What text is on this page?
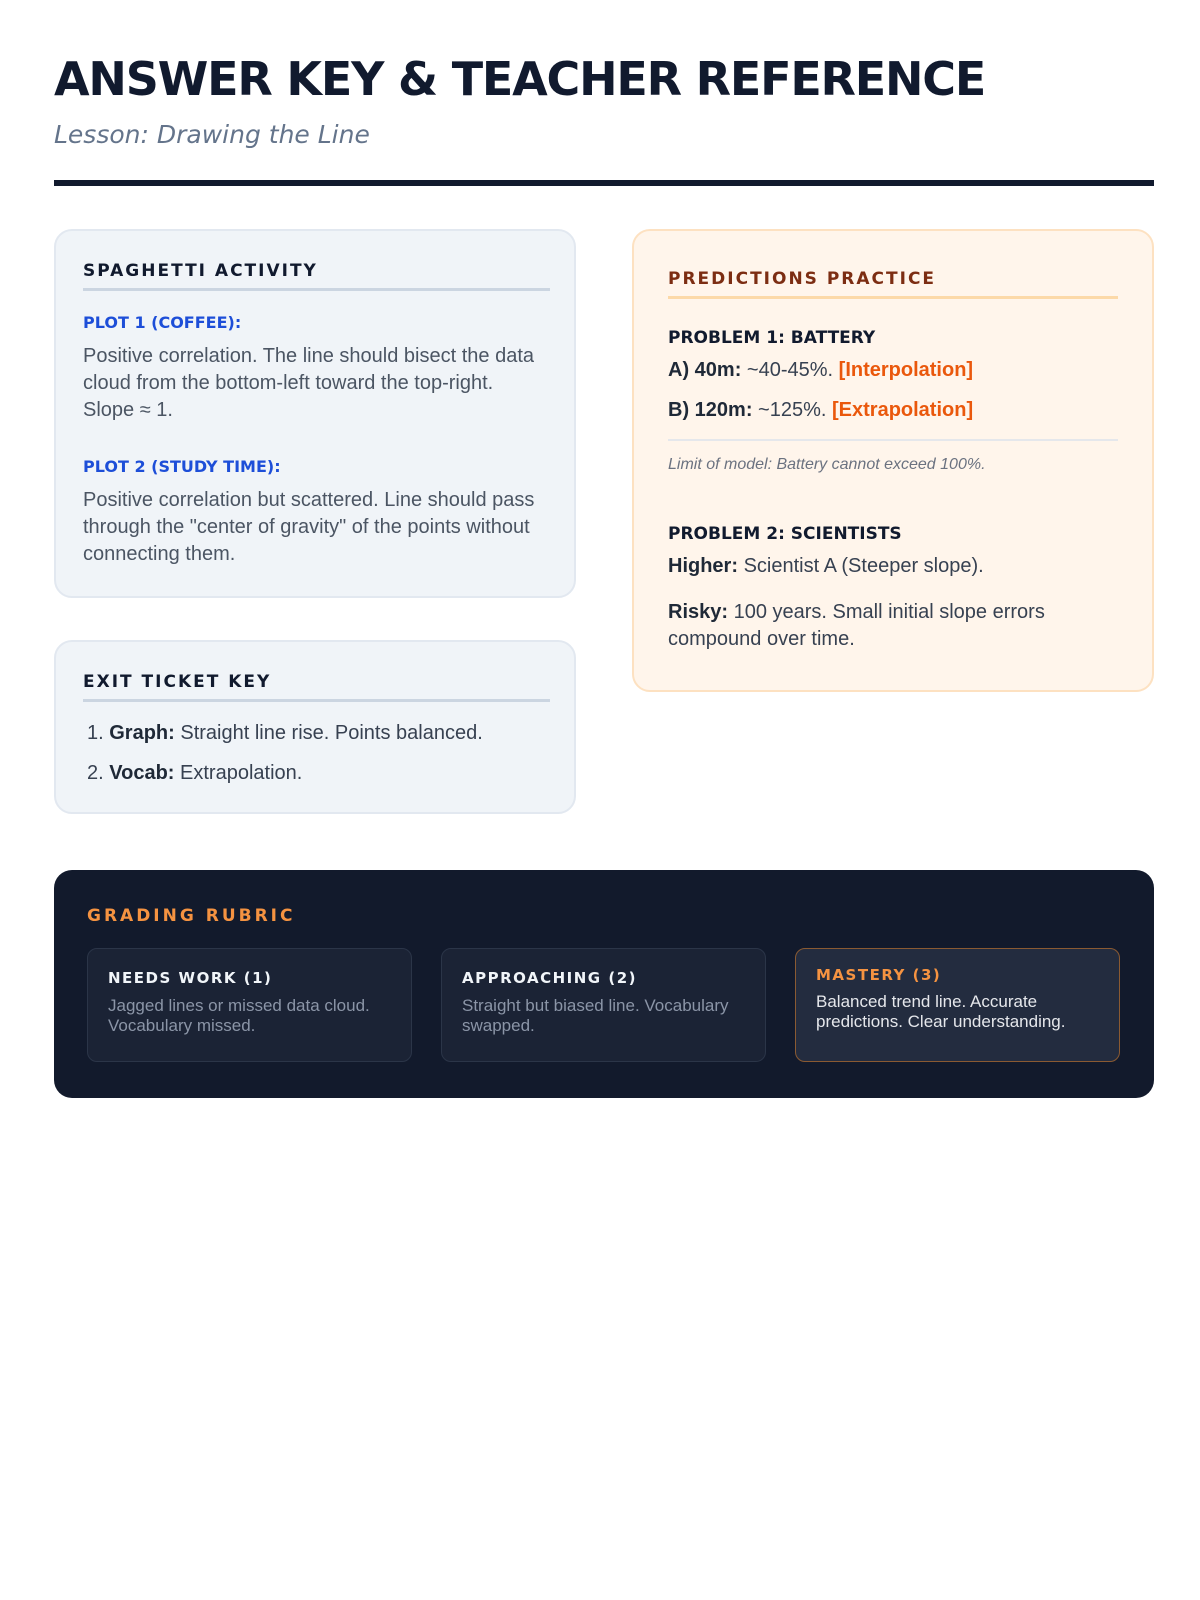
ANSWER KEY & TEACHER REFERENCE
Lesson: Drawing the Line
SPAGHETTI ACTIVITY
PLOT 1 (COFFEE):

Positive correlation. The line should bisect the data cloud from the bottom-left toward the top-right. Slope ≈ 1.

PLOT 2 (STUDY TIME):

Positive correlation but scattered. Line should pass through the "center of gravity" of the points without connecting them.

EXIT TICKET KEY
1. Graph: Straight line rise. Points balanced.
2. Vocab: Extrapolation.
PREDICTIONS PRACTICE
PROBLEM 1: BATTERY
A) 40m: ~40-45%. [Interpolation]
B) 120m: ~125%. [Extrapolation]
Limit of model: Battery cannot exceed 100%.
PROBLEM 2: SCIENTISTS
Higher: Scientist A (Steeper slope).
Risky: 100 years. Small initial slope errors compound over time.
GRADING RUBRIC
NEEDS WORK (1)
Jagged lines or missed data cloud. Vocabulary missed.
APPROACHING (2)
Straight but biased line. Vocabulary swapped.
MASTERY (3)
Balanced trend line. Accurate predictions. Clear understanding.
